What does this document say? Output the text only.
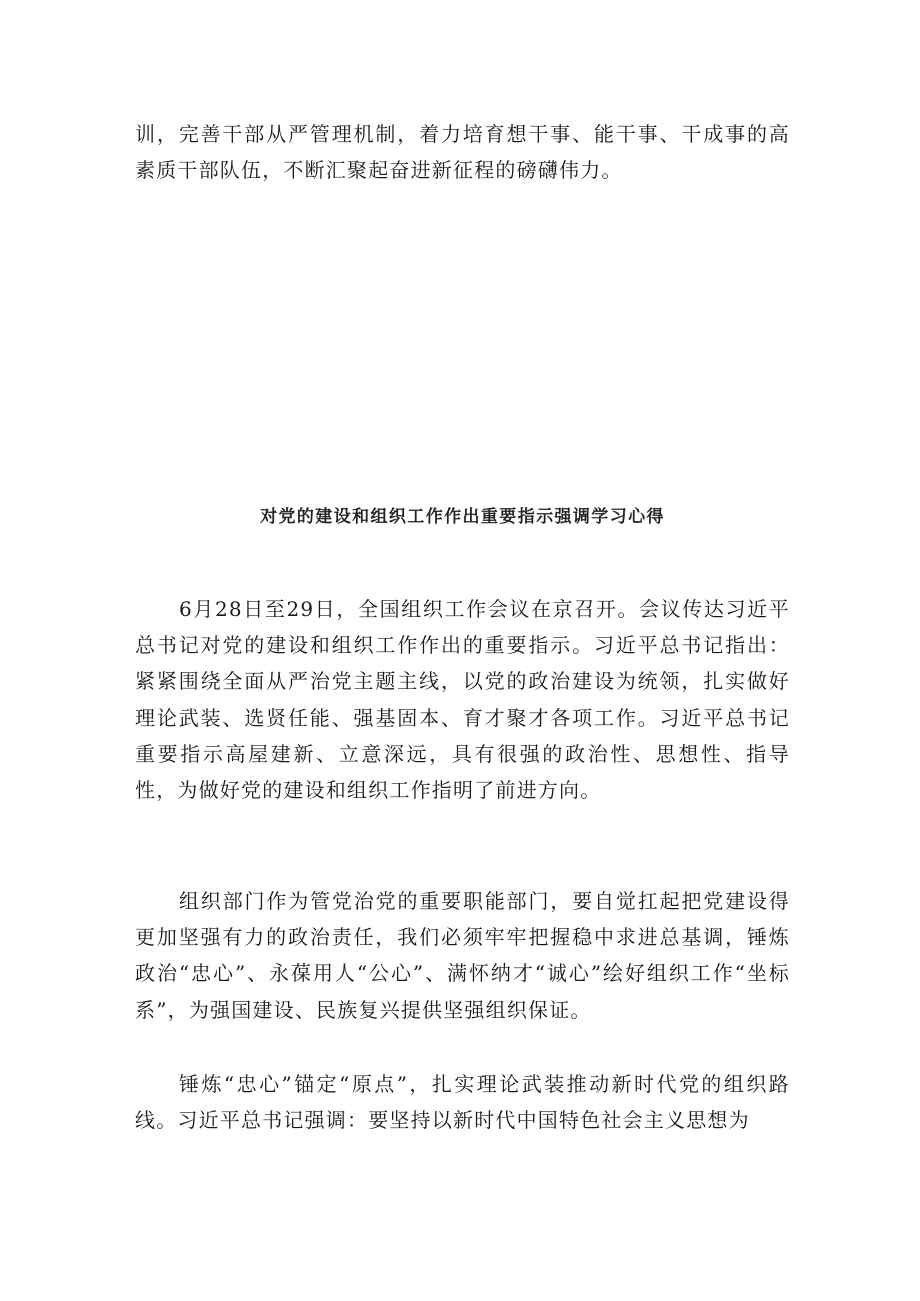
训，完善干部从严管理机制，着力培育想干事、能干事、干成事的高素质干部队伍，不断汇聚起奋进新征程的磅礴伟力。

对党的建设和组织工作作出重要指示强调学习心得

6月28日至29日，全国组织工作会议在京召开。会议传达习近平总书记对党的建设和组织工作作出的重要指示。习近平总书记指出：紧紧围绕全面从严治党主题主线，以党的政治建设为统领，扎实做好理论武装、选贤任能、强基固本、育才聚才各项工作。习近平总书记重要指示高屋建新、立意深远，具有很强的政治性、思想性、指导性，为做好党的建设和组织工作指明了前进方向。

组织部门作为管党治党的重要职能部门，要自觉扛起把党建设得更加坚强有力的政治责任，我们必须牢牢把握稳中求进总基调，锤炼政治“忠心”、永葆用人“公心”、满怀纳才“诚心”绘好组织工作“坐标系”，为强国建设、民族复兴提供坚强组织保证。

锤炼“忠心”锚定“原点”，扎实理论武装推动新时代党的组织路线。习近平总书记强调：要坚持以新时代中国特色社会主义思想为
